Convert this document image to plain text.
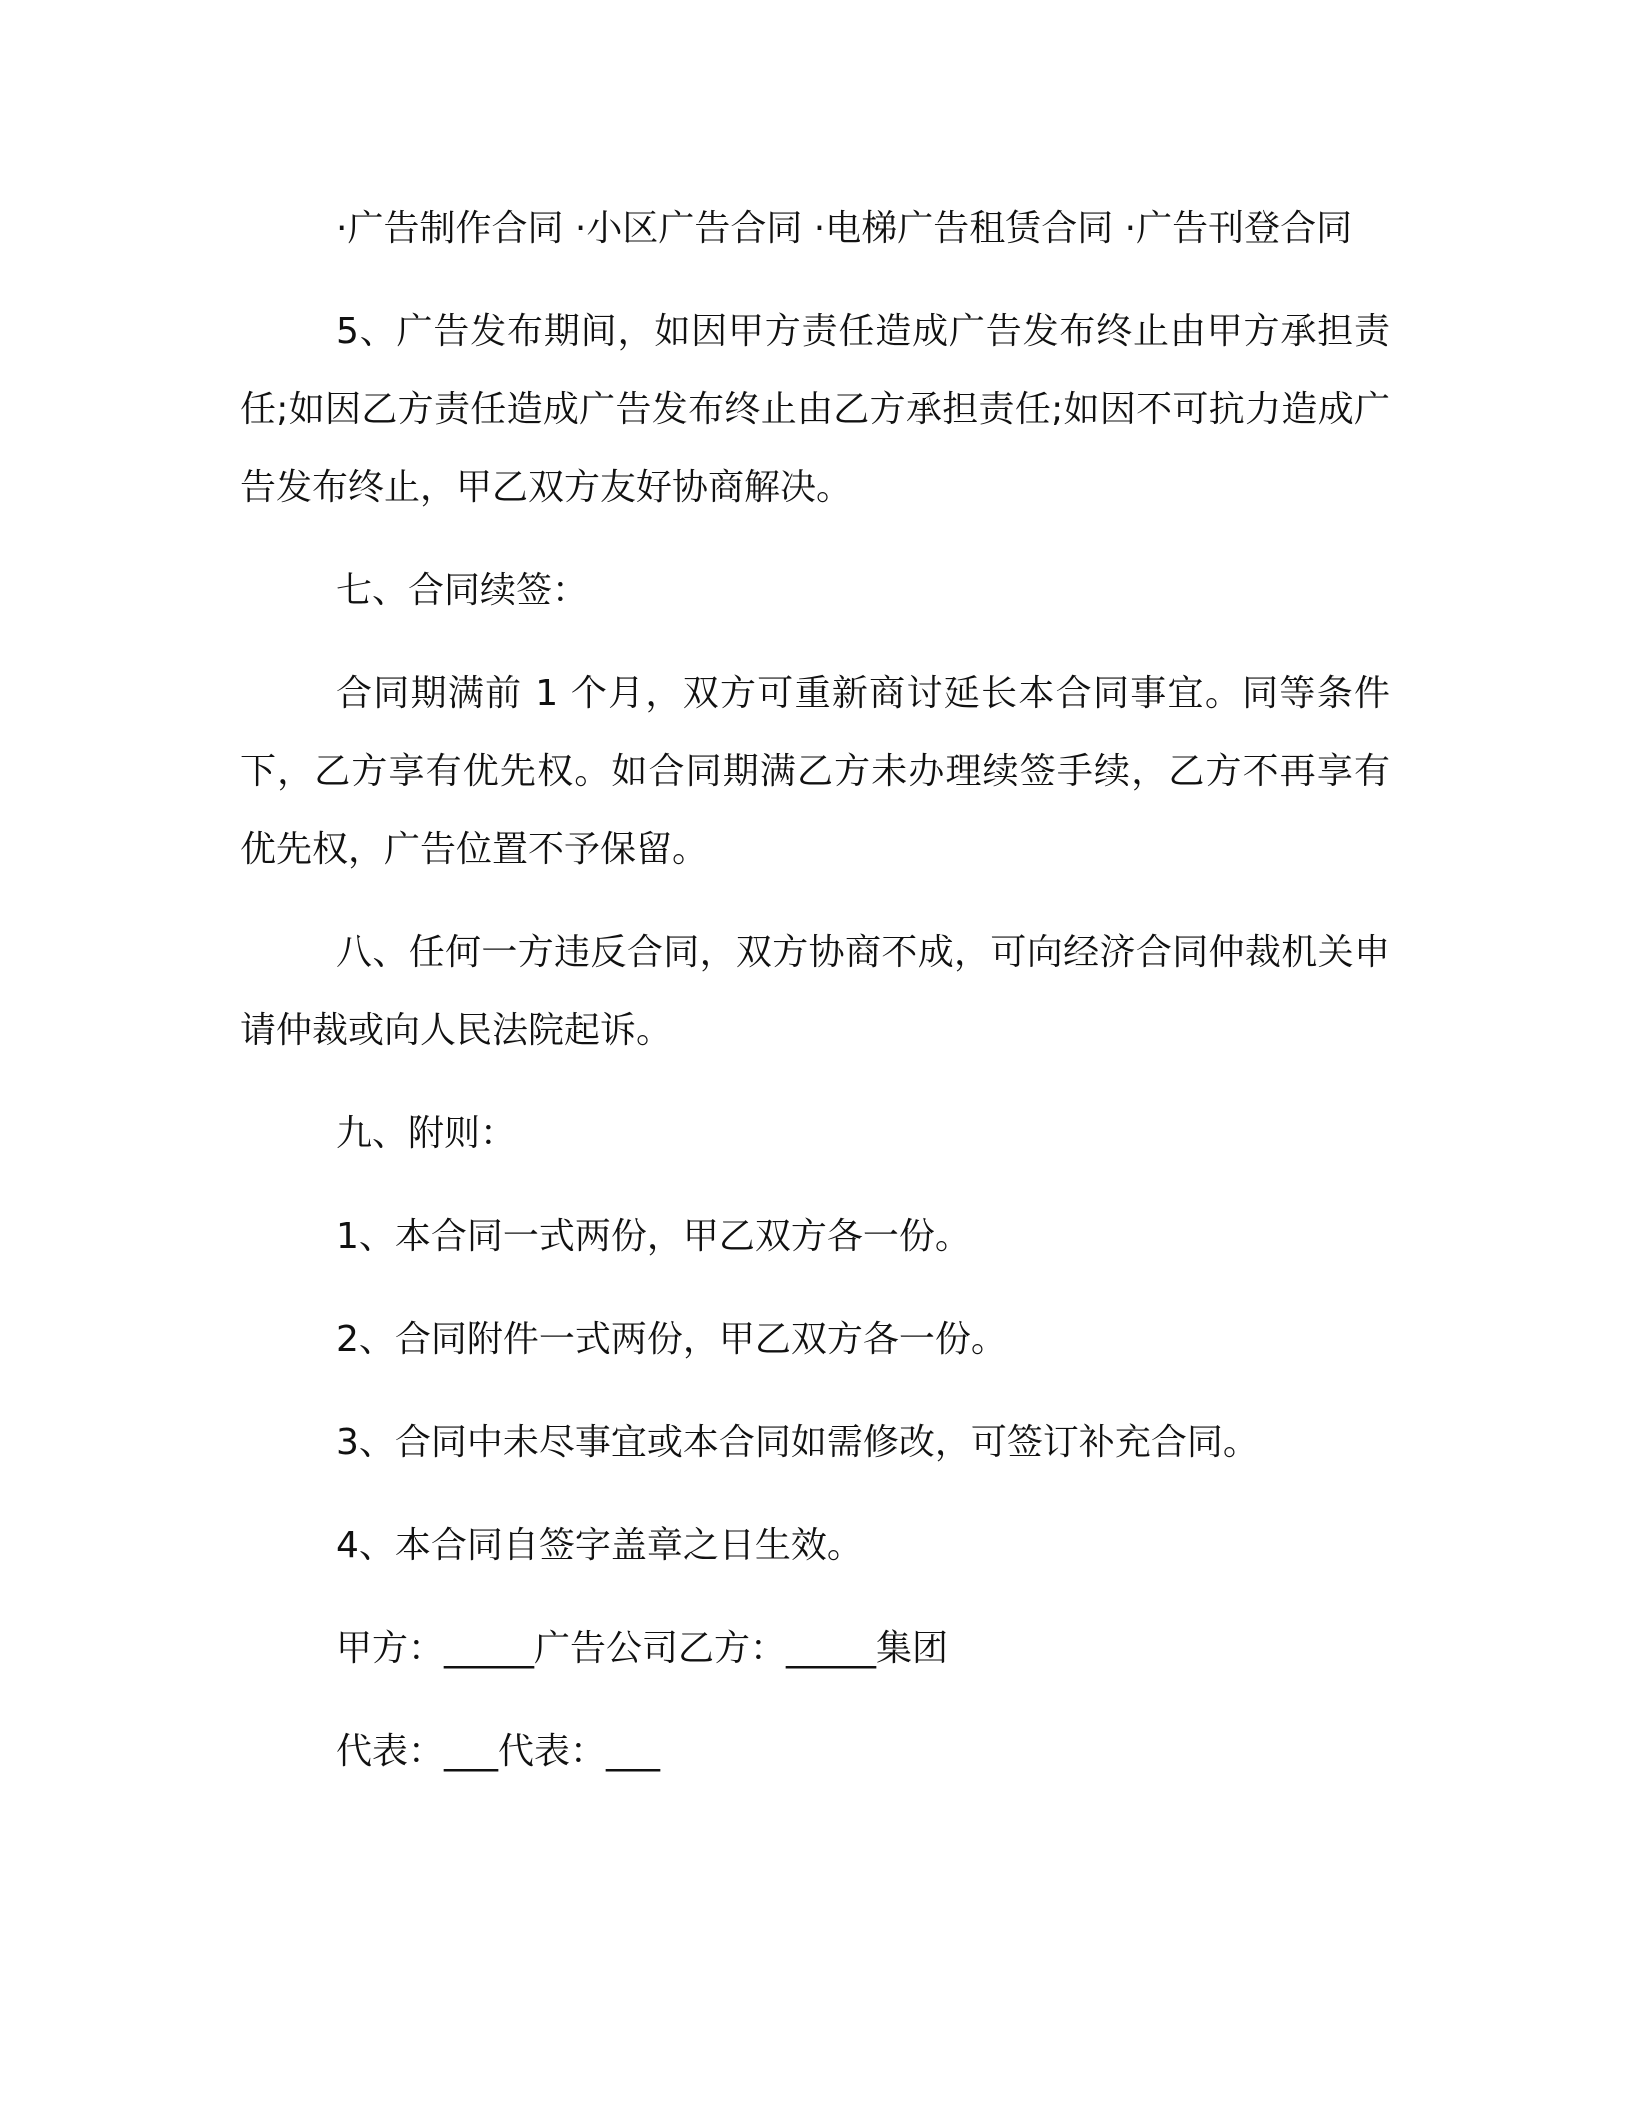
·广告制作合同 ·小区广告合同 ·电梯广告租赁合同 ·广告刊登合同

5、广告发布期间，如因甲方责任造成广告发布终止由甲方承担责任;如因乙方责任造成广告发布终止由乙方承担责任;如因不可抗力造成广告发布终止，甲乙双方友好协商解决。

七、合同续签：

合同期满前 1 个月，双方可重新商讨延长本合同事宜。同等条件下，乙方享有优先权。如合同期满乙方未办理续签手续，乙方不再享有优先权，广告位置不予保留。

八、任何一方违反合同，双方协商不成，可向经济合同仲裁机关申请仲裁或向人民法院起诉。

九、附则：

1、本合同一式两份，甲乙双方各一份。

2、合同附件一式两份，甲乙双方各一份。

3、合同中未尽事宜或本合同如需修改，可签订补充合同。

4、本合同自签字盖章之日生效。

甲方：_____广告公司乙方：_____集团

代表：___代表：___
